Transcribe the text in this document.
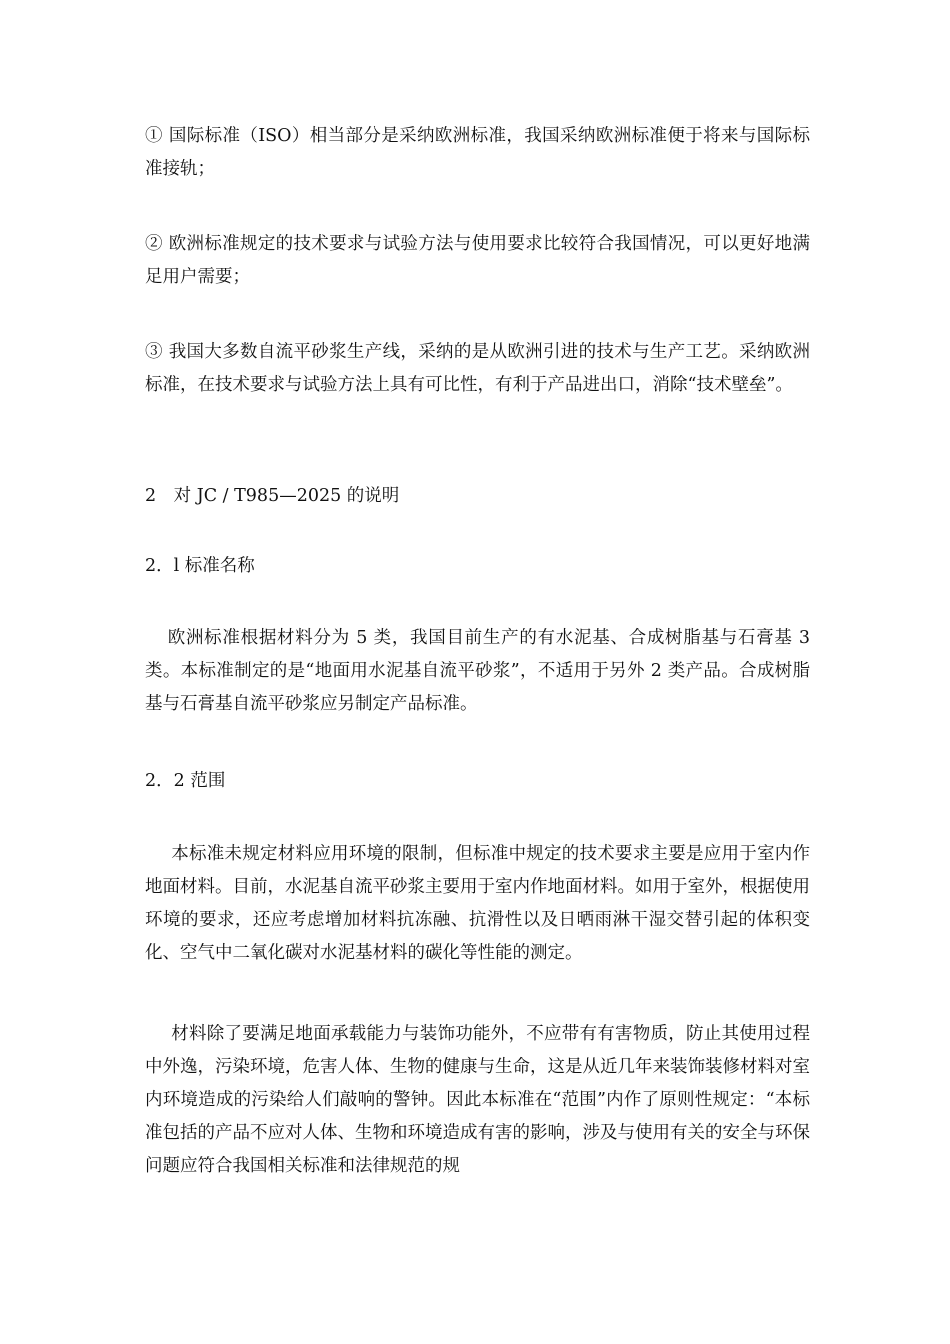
① 国际标准（ISO）相当部分是采纳欧洲标准，我国采纳欧洲标准便于将来与国际标准接轨；

② 欧洲标准规定的技术要求与试验方法与使用要求比较符合我国情况，可以更好地满足用户需要；

③ 我国大多数自流平砂浆生产线，采纳的是从欧洲引进的技术与生产工艺。采纳欧洲标准，在技术要求与试验方法上具有可比性，有利于产品进出口，消除“技术壁垒”。

2　对 JC / T985—2025 的说明

2．l 标准名称

欧洲标准根据材料分为 5 类，我国目前生产的有水泥基、合成树脂基与石膏基 3 类。本标准制定的是“地面用水泥基自流平砂浆”，不适用于另外 2 类产品。合成树脂基与石膏基自流平砂浆应另制定产品标准。

2．2 范围

本标准未规定材料应用环境的限制，但标准中规定的技术要求主要是应用于室内作地面材料。目前，水泥基自流平砂浆主要用于室内作地面材料。如用于室外，根据使用环境的要求，还应考虑增加材料抗冻融、抗滑性以及日晒雨淋干湿交替引起的体积变化、空气中二氧化碳对水泥基材料的碳化等性能的测定。

材料除了要满足地面承载能力与装饰功能外，不应带有有害物质，防止其使用过程中外逸，污染环境，危害人体、生物的健康与生命，这是从近几年来装饰装修材料对室内环境造成的污染给人们敲响的警钟。因此本标准在“范围”内作了原则性规定：“本标准包括的产品不应对人体、生物和环境造成有害的影响，涉及与使用有关的安全与环保问题应符合我国相关标准和法律规范的规
